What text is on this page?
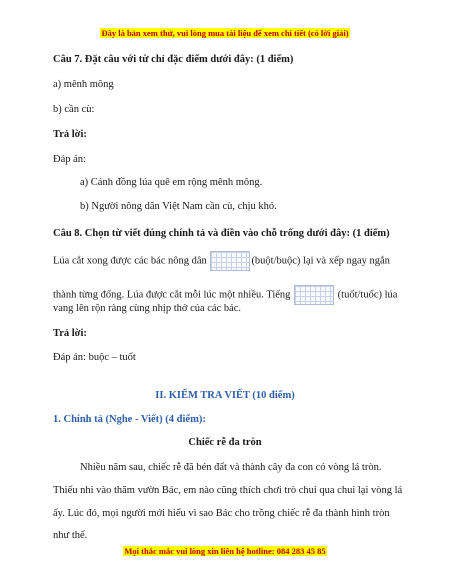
Đây là bản xem thử, vui lòng mua tài liệu để xem chi tiết (có lời giải)
Câu 7. Đặt câu với từ chỉ đặc điểm dưới đây: (1 điểm)
a) mênh mông
b) cần cù:
Trả lời:
Đáp án:
a) Cánh đồng lúa quê em rộng mênh mông.
b) Người nông dân Việt Nam cần cù, chịu khó.
Câu 8. Chọn từ viết đúng chính tả và điền vào chỗ trống dưới đây: (1 điểm)
Lúa cắt xong được các bác nông dân	(buột/buộc) lại và xếp ngay ngắn
thành từng đống. Lúa được cắt mỗi lúc một nhiều. Tiếng	(tuốt/tuốc) lúa
vang lên rộn ràng cùng nhịp thở của các bác.
Trả lời:
Đáp án: buộc – tuốt
II. KIỂM TRA VIẾT (10 điểm)
1. Chính tả (Nghe - Viết) (4 điểm):
Chiếc rễ đa tròn
Nhiều năm sau, chiếc rễ đã bén đất và thành cây đa con có vòng lá tròn.
Thiếu nhi vào thăm vườn Bác, em nào cũng thích chơi trò chui qua chui lại vòng lá
ấy. Lúc đó, mọi người mới hiểu vì sao Bác cho trồng chiếc rễ đa thành hình tròn
như thế.
Mọi thắc mắc vui lòng xin liên hệ hotline: 084 283 45 85
